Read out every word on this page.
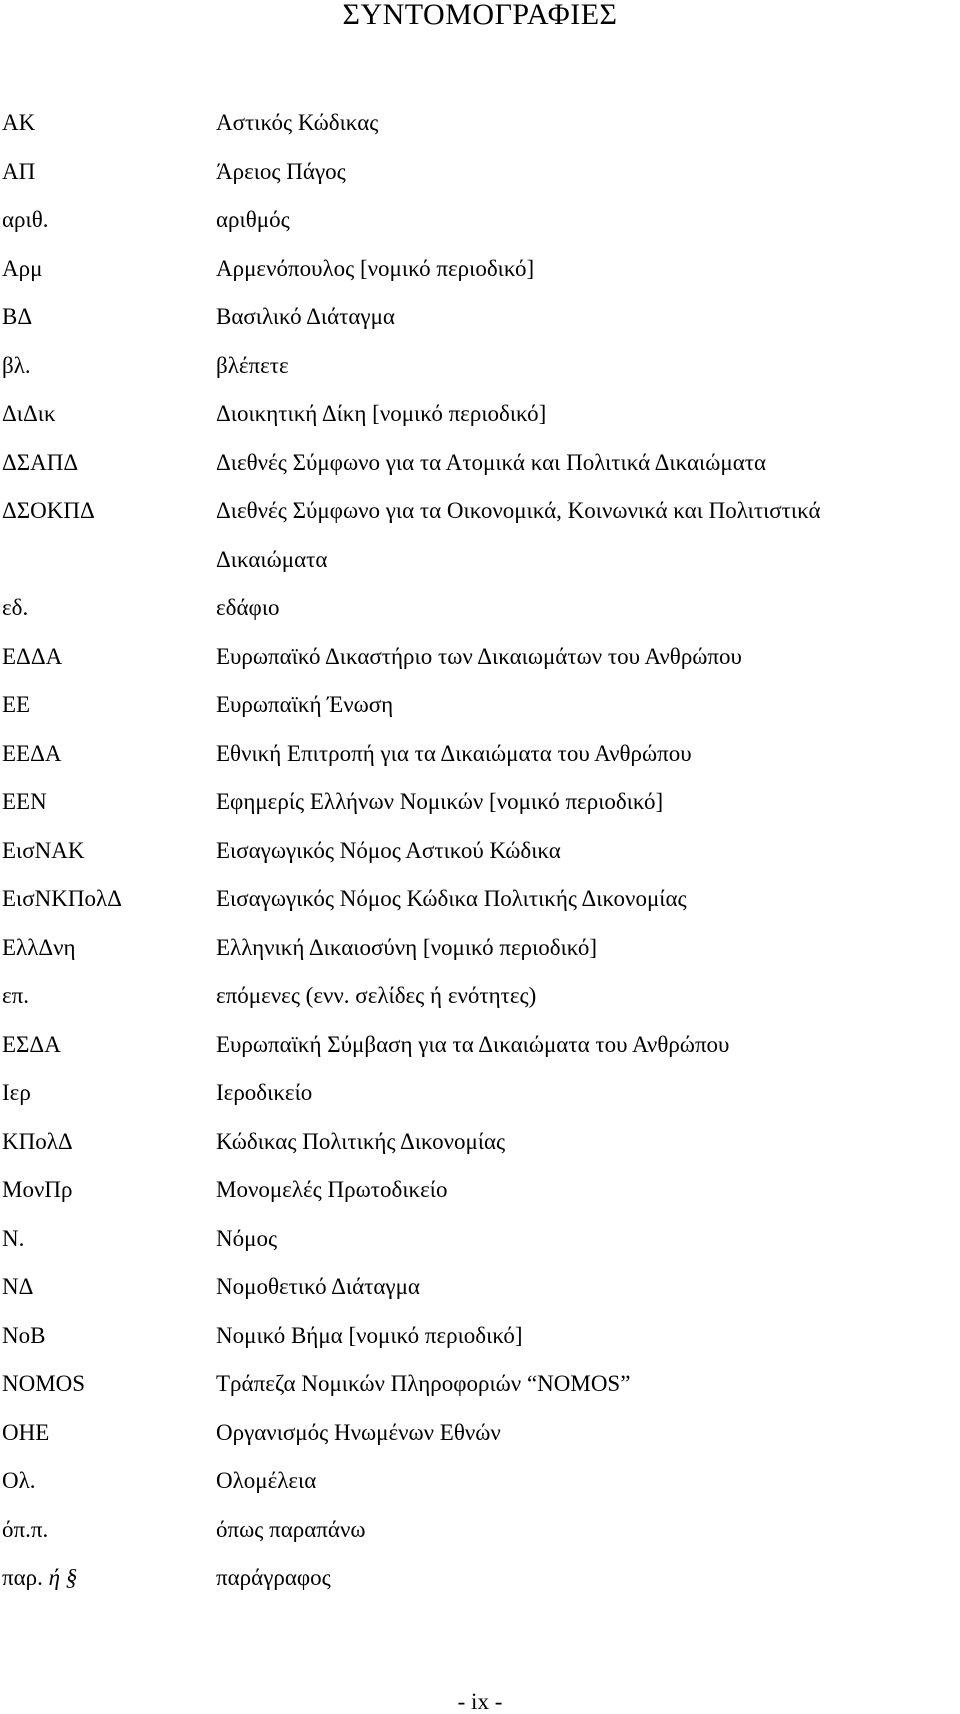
ΣΥΝΤΟΜΟΓΡΑΦΙΕΣ
ΑΚ	Αστικός Κώδικας
ΑΠ	Άρειος Πάγος
αριθ.	αριθμός
Αρμ	Αρμενόπουλος [νομικό περιοδικό]
ΒΔ	Βασιλικό Διάταγμα
βλ.	βλέπετε
ΔιΔικ	Διοικητική Δίκη [νομικό περιοδικό]
ΔΣΑΠΔ	Διεθνές Σύμφωνο για τα Ατομικά και Πολιτικά Δικαιώματα
ΔΣΟΚΠΔ	Διεθνές Σύμφωνο για τα Οικονομικά, Κοινωνικά και Πολιτιστικά
Δικαιώματα
εδ.	εδάφιο
ΕΔΔΑ	Ευρωπαϊκό Δικαστήριο των Δικαιωμάτων του Ανθρώπου
ΕΕ	Ευρωπαϊκή Ένωση
ΕΕΔΑ	Εθνική Επιτροπή για τα Δικαιώματα του Ανθρώπου
ΕΕΝ	Εφημερίς Ελλήνων Νομικών [νομικό περιοδικό]
ΕισΝΑΚ	Εισαγωγικός Νόμος Αστικού Κώδικα
ΕισΝΚΠολΔ	Εισαγωγικός Νόμος Κώδικα Πολιτικής Δικονομίας
ΕλλΔνη	Ελληνική Δικαιοσύνη [νομικό περιοδικό]
επ.	επόμενες (ενν. σελίδες ή ενότητες)
ΕΣΔΑ	Ευρωπαϊκή Σύμβαση για τα Δικαιώματα του Ανθρώπου
Ιερ	Ιεροδικείο
ΚΠολΔ	Κώδικας Πολιτικής Δικονομίας
ΜονΠρ	Μονομελές Πρωτοδικείο
Ν.	Νόμος
ΝΔ	Νομοθετικό Διάταγμα
ΝοΒ	Νομικό Βήμα [νομικό περιοδικό]
NOMOS	Τράπεζα Νομικών Πληροφοριών “NOMOS”
ΟΗΕ	Οργανισμός Ηνωμένων Εθνών
Ολ.	Ολομέλεια
όπ.π.	όπως παραπάνω
παρ. ή §	παράγραφος
- ix -
